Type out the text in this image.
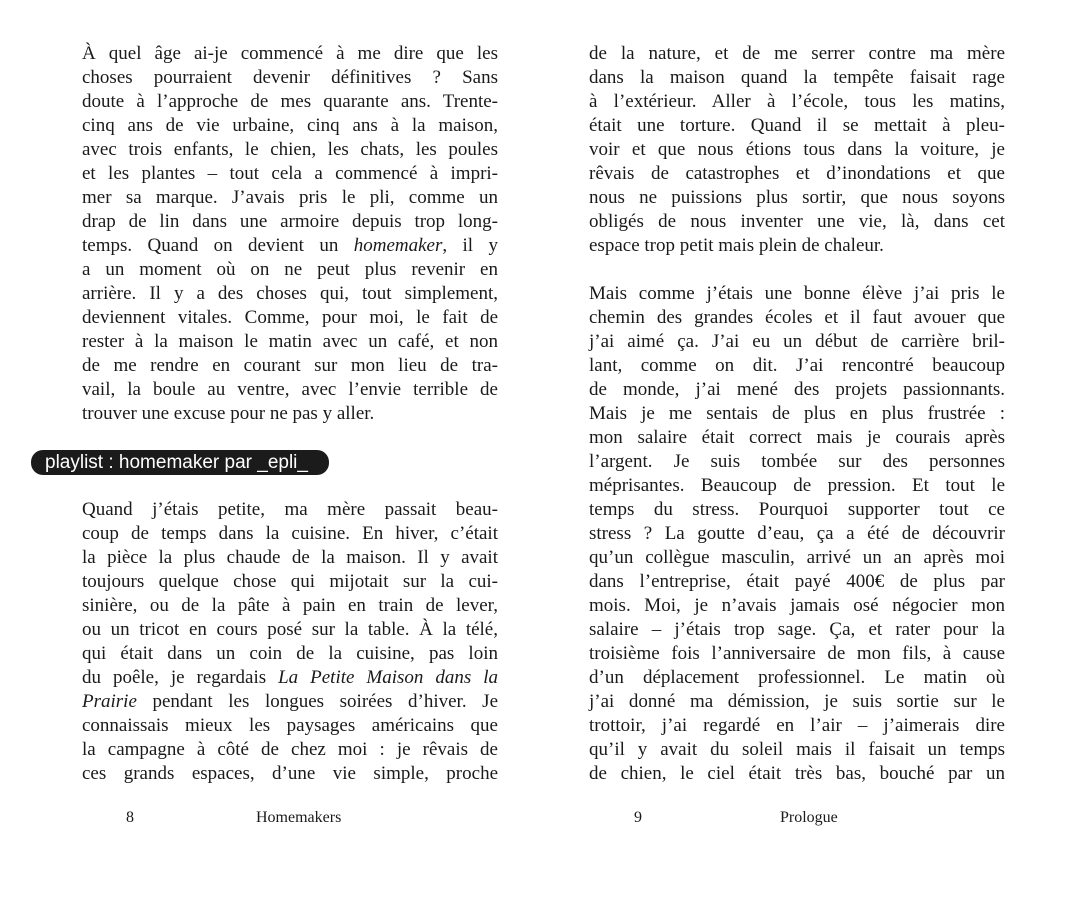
À quel âge ai-je commencé à me dire que les
choses pourraient devenir définitives ? Sans
doute à l’approche de mes quarante ans. Trente-
cinq ans de vie urbaine, cinq ans à la maison,
avec trois enfants, le chien, les chats, les poules
et les plantes – tout cela a commencé à impri-
mer sa marque. J’avais pris le pli, comme un
drap de lin dans une armoire depuis trop long-
temps. Quand on devient un homemaker, il y
a un moment où on ne peut plus revenir en
arrière. Il y a des choses qui, tout simplement,
deviennent vitales. Comme, pour moi, le fait de
rester à la maison le matin avec un café, et non
de me rendre en courant sur mon lieu de tra-
vail, la boule au ventre, avec l’envie terrible de
trouver une excuse pour ne pas y aller.
playlist : homemaker par _epli_
Quand j’étais petite, ma mère passait beau-
coup de temps dans la cuisine. En hiver, c’était
la pièce la plus chaude de la maison. Il y avait
toujours quelque chose qui mijotait sur la cui-
sinière, ou de la pâte à pain en train de lever,
ou un tricot en cours posé sur la table. À la télé,
qui était dans un coin de la cuisine, pas loin
du poêle, je regardais La Petite Maison dans la
Prairie pendant les longues soirées d’hiver. Je
connaissais mieux les paysages américains que
la campagne à côté de chez moi : je rêvais de
ces grands espaces, d’une vie simple, proche
de la nature, et de me serrer contre ma mère
dans la maison quand la tempête faisait rage
à l’extérieur. Aller à l’école, tous les matins,
était une torture. Quand il se mettait à pleu-
voir et que nous étions tous dans la voiture, je
rêvais de catastrophes et d’inondations et que
nous ne puissions plus sortir, que nous soyons
obligés de nous inventer une vie, là, dans cet
espace trop petit mais plein de chaleur.
Mais comme j’étais une bonne élève j’ai pris le
chemin des grandes écoles et il faut avouer que
j’ai aimé ça. J’ai eu un début de carrière bril-
lant, comme on dit. J’ai rencontré beaucoup
de monde, j’ai mené des projets passionnants.
Mais je me sentais de plus en plus frustrée :
mon salaire était correct mais je courais après
l’argent. Je suis tombée sur des personnes
méprisantes. Beaucoup de pression. Et tout le
temps du stress. Pourquoi supporter tout ce
stress ? La goutte d’eau, ça a été de découvrir
qu’un collègue masculin, arrivé un an après moi
dans l’entreprise, était payé 400€ de plus par
mois. Moi, je n’avais jamais osé négocier mon
salaire – j’étais trop sage. Ça, et rater pour la
troisième fois l’anniversaire de mon fils, à cause
d’un déplacement professionnel. Le matin où
j’ai donné ma démission, je suis sortie sur le
trottoir, j’ai regardé en l’air – j’aimerais dire
qu’il y avait du soleil mais il faisait un temps
de chien, le ciel était très bas, bouché par un
8	Homemakers	9	Prologue
